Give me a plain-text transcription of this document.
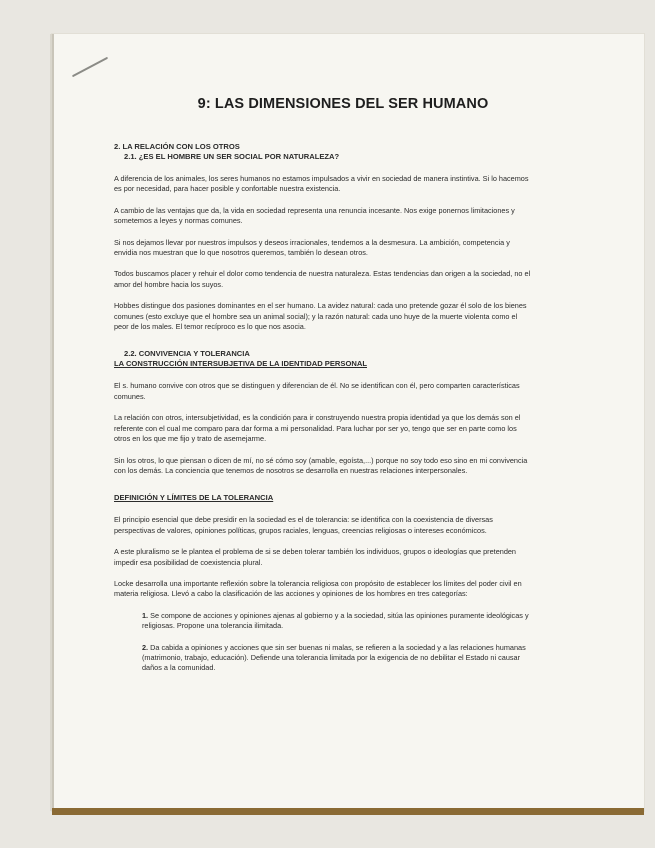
9: LAS DIMENSIONES DEL SER HUMANO
2. LA RELACIÓN CON LOS OTROS
2.1. ¿ES EL HOMBRE UN SER SOCIAL POR NATURALEZA?

A diferencia de los animales, los seres humanos no estamos impulsados a vivir en sociedad de manera instintiva. Si lo hacemos es por necesidad, para hacer posible y confortable nuestra existencia.

A cambio de las ventajas que da, la vida en sociedad representa una renuncia incesante. Nos exige ponernos limitaciones y sometemos a leyes y normas comunes.

Si nos dejamos llevar por nuestros impulsos y deseos irracionales, tendemos a la desmesura. La ambición, competencia y envidia nos muestran que lo que nosotros queremos, también lo desean otros.

Todos buscamos placer y rehuir el dolor como tendencia de nuestra naturaleza. Estas tendencias dan origen a la sociedad, no el amor del hombre hacia los suyos.

Hobbes distingue dos pasiones dominantes en el ser humano. La avidez natural: cada uno pretende gozar él solo de los bienes comunes (esto excluye que el hombre sea un animal social); y la razón natural: cada uno huye de la muerte violenta como el peor de los males. El temor recíproco es lo que nos asocia.

2.2. CONVIVENCIA Y TOLERANCIA
LA CONSTRUCCIÓN INTERSUBJETIVA DE LA IDENTIDAD PERSONAL

El s. humano convive con otros que se distinguen y diferencian de él. No se identifican con él, pero comparten características comunes.

La relación con otros, intersubjetividad, es la condición para ir construyendo nuestra propia identidad ya que los demás son el referente con el cual me comparo para dar forma a mi personalidad. Para luchar por ser yo, tengo que ser en parte como los otros en los que me fijo y trato de asemejarme.

Sin los otros, lo que piensan o dicen de mí, no sé cómo soy (amable, egoísta,...) porque no soy todo eso sino en mi convivencia con los demás. La conciencia que tenemos de nosotros se desarrolla en nuestras relaciones interpersonales.

DEFINICIÓN Y LÍMITES DE LA TOLERANCIA

El principio esencial que debe presidir en la sociedad es el de tolerancia: se identifica con la coexistencia de diversas perspectivas de valores, opiniones políticas, grupos raciales, lenguas, creencias religiosas o intereses económicos.

A este pluralismo se le plantea el problema de si se deben tolerar también los individuos, grupos o ideologías que pretenden impedir esa posibilidad de coexistencia plural.

Locke desarrolla una importante reflexión sobre la tolerancia religiosa con propósito de establecer los límites del poder civil en materia religiosa. Llevó a cabo la clasificación de las acciones y opiniones de los hombres en tres categorías:

1. Se compone de acciones y opiniones ajenas al gobierno y a la sociedad, sitúa las opiniones puramente ideológicas y religiosas. Propone una tolerancia ilimitada.
2. Da cabida a opiniones y acciones que sin ser buenas ni malas, se refieren a la sociedad y a las relaciones humanas (matrimonio, trabajo, educación). Defiende una tolerancia limitada por la exigencia de no debilitar el Estado ni causar daños a la comunidad.
